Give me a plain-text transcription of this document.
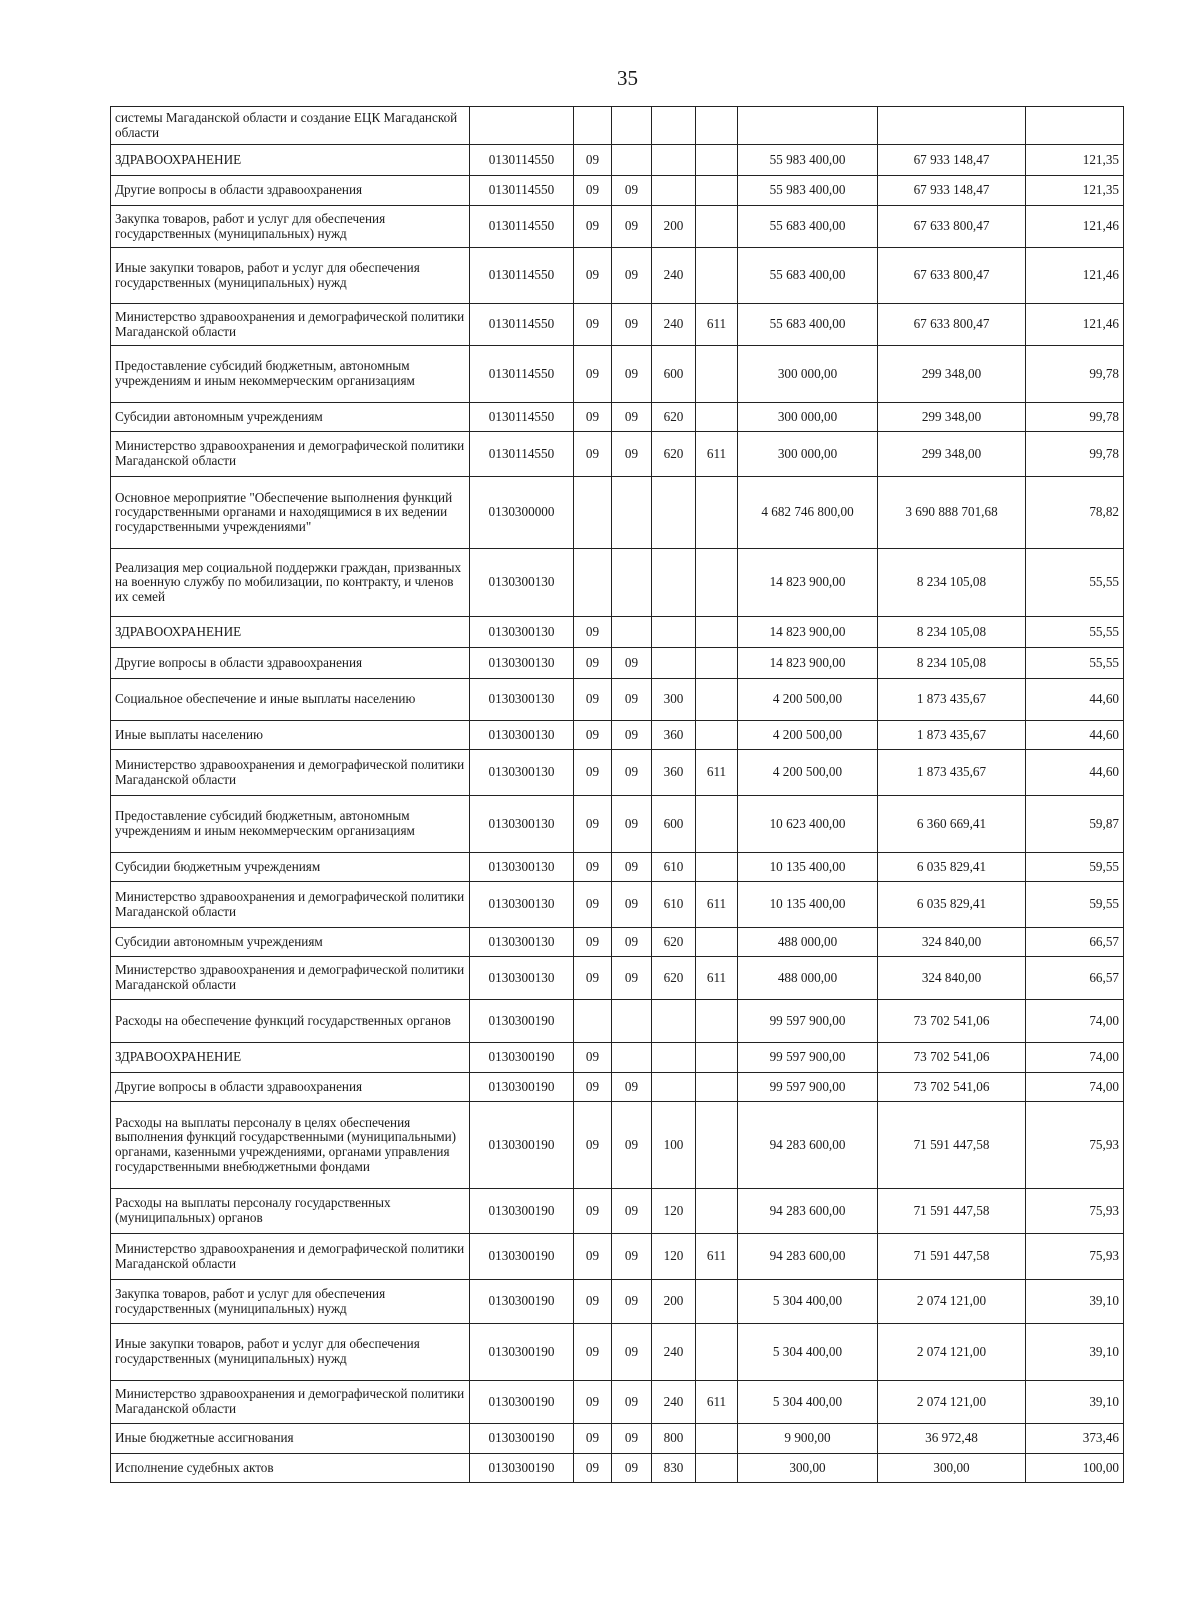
35
системы Магаданской области и создание ЕЦК Магаданской области								
ЗДРАВООХРАНЕНИЕ	0130114550	09				55 983 400,00	67 933 148,47	121,35
Другие вопросы в области здравоохранения	0130114550	09	09			55 983 400,00	67 933 148,47	121,35
Закупка товаров, работ и услуг для обеспечения государственных (муниципальных) нужд	0130114550	09	09	200		55 683 400,00	67 633 800,47	121,46
Иные закупки товаров, работ и услуг для обеспечения государственных (муниципальных) нужд	0130114550	09	09	240		55 683 400,00	67 633 800,47	121,46
Министерство здравоохранения и демографической политики Магаданской области	0130114550	09	09	240	611	55 683 400,00	67 633 800,47	121,46
Предоставление субсидий бюджетным, автономным учреждениям и иным некоммерческим организациям	0130114550	09	09	600		300 000,00	299 348,00	99,78
Субсидии автономным учреждениям	0130114550	09	09	620		300 000,00	299 348,00	99,78
Министерство здравоохранения и демографической политики Магаданской области	0130114550	09	09	620	611	300 000,00	299 348,00	99,78
Основное мероприятие "Обеспечение выполнения функций государственными органами и находящимися в их ведении государственными учреждениями"	0130300000					4 682 746 800,00	3 690 888 701,68	78,82
Реализация мер социальной поддержки граждан, призванных на военную службу по мобилизации, по контракту, и членов их семей	0130300130					14 823 900,00	8 234 105,08	55,55
ЗДРАВООХРАНЕНИЕ	0130300130	09				14 823 900,00	8 234 105,08	55,55
Другие вопросы в области здравоохранения	0130300130	09	09			14 823 900,00	8 234 105,08	55,55
Социальное обеспечение и иные выплаты населению	0130300130	09	09	300		4 200 500,00	1 873 435,67	44,60
Иные выплаты населению	0130300130	09	09	360		4 200 500,00	1 873 435,67	44,60
Министерство здравоохранения и демографической политики Магаданской области	0130300130	09	09	360	611	4 200 500,00	1 873 435,67	44,60
Предоставление субсидий бюджетным, автономным учреждениям и иным некоммерческим организациям	0130300130	09	09	600		10 623 400,00	6 360 669,41	59,87
Субсидии бюджетным учреждениям	0130300130	09	09	610		10 135 400,00	6 035 829,41	59,55
Министерство здравоохранения и демографической политики Магаданской области	0130300130	09	09	610	611	10 135 400,00	6 035 829,41	59,55
Субсидии автономным учреждениям	0130300130	09	09	620		488 000,00	324 840,00	66,57
Министерство здравоохранения и демографической политики Магаданской области	0130300130	09	09	620	611	488 000,00	324 840,00	66,57
Расходы на обеспечение функций государственных органов	0130300190					99 597 900,00	73 702 541,06	74,00
ЗДРАВООХРАНЕНИЕ	0130300190	09				99 597 900,00	73 702 541,06	74,00
Другие вопросы в области здравоохранения	0130300190	09	09			99 597 900,00	73 702 541,06	74,00
Расходы на выплаты персоналу в целях обеспечения выполнения функций государственными (муниципальными) органами, казенными учреждениями, органами управления государственными внебюджетными фондами	0130300190	09	09	100		94 283 600,00	71 591 447,58	75,93
Расходы на выплаты персоналу государственных (муниципальных) органов	0130300190	09	09	120		94 283 600,00	71 591 447,58	75,93
Министерство здравоохранения и демографической политики Магаданской области	0130300190	09	09	120	611	94 283 600,00	71 591 447,58	75,93
Закупка товаров, работ и услуг для обеспечения государственных (муниципальных) нужд	0130300190	09	09	200		5 304 400,00	2 074 121,00	39,10
Иные закупки товаров, работ и услуг для обеспечения государственных (муниципальных) нужд	0130300190	09	09	240		5 304 400,00	2 074 121,00	39,10
Министерство здравоохранения и демографической политики Магаданской области	0130300190	09	09	240	611	5 304 400,00	2 074 121,00	39,10
Иные бюджетные ассигнования	0130300190	09	09	800		9 900,00	36 972,48	373,46
Исполнение судебных актов	0130300190	09	09	830		300,00	300,00	100,00
